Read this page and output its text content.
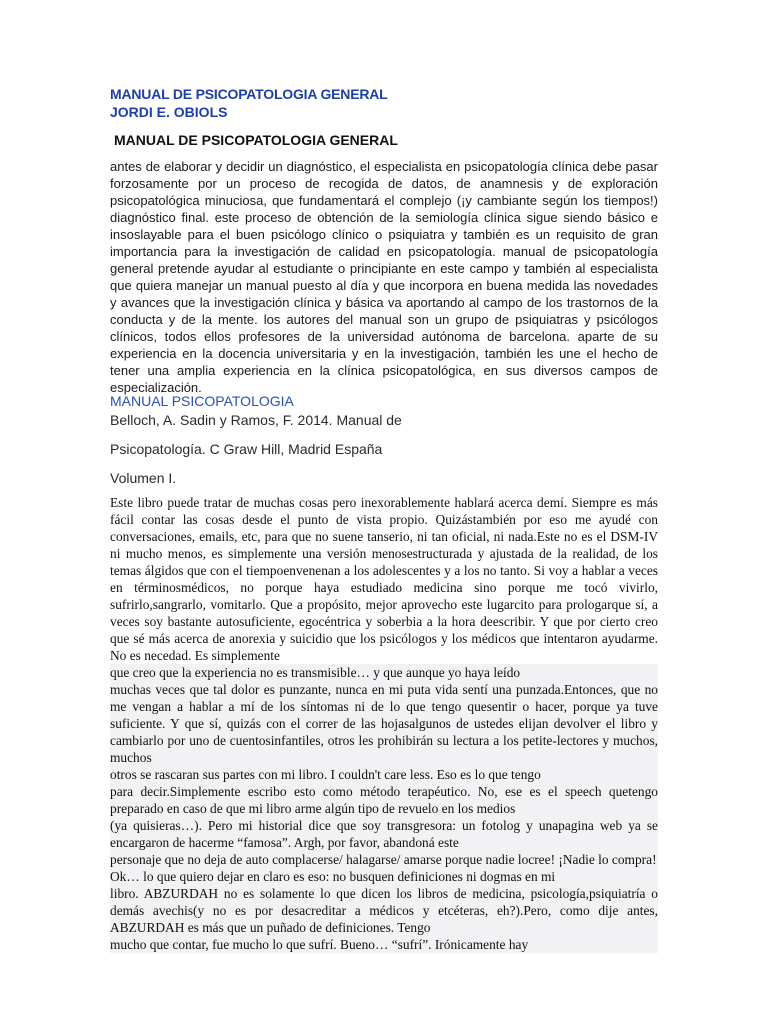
MANUAL DE PSICOPATOLOGIA GENERAL
JORDI E. OBIOLS
MANUAL DE PSICOPATOLOGIA GENERAL
antes de elaborar y decidir un diagnóstico, el especialista en psicopatología clínica debe pasar forzosamente por un proceso de recogida de datos, de anamnesis y de exploración psicopatológica minuciosa, que fundamentará el complejo (¡y cambiante según los tiempos!) diagnóstico final. este proceso de obtención de la semiología clínica sigue siendo básico e insoslayable para el buen psicólogo clínico o psiquiatra y también es un requisito de gran importancia para la investigación de calidad en psicopatología. manual de psicopatología general pretende ayudar al estudiante o principiante en este campo y también al especialista que quiera manejar un manual puesto al día y que incorpora en buena medida las novedades y avances que la investigación clínica y básica va aportando al campo de los trastornos de la conducta y de la mente. los autores del manual son un grupo de psiquiatras y psicólogos clínicos, todos ellos profesores de la universidad autónoma de barcelona. aparte de su experiencia en la docencia universitaria y en la investigación, también les une el hecho de tener una amplia experiencia en la clínica psicopatológica, en sus diversos campos de especialización.
MANUAL PSICOPATOLOGIA
Belloch, A. Sadin y Ramos, F. 2014. Manual de
Psicopatología. C Graw Hill, Madrid España
Volumen I.

Este libro puede tratar de muchas cosas pero inexorablemente hablará acerca demí. Siempre es más fácil contar las cosas desde el punto de vista propio. Quizástambién por eso me ayudé con conversaciones, emails, etc, para que no suene tanserio, ni tan oficial, ni nada.Este no es el DSM-IV ni mucho menos, es simplemente una versión menosestructurada y ajustada de la realidad, de los temas álgidos que con el tiempoenvenenan a los adolescentes y a los no tanto. Si voy a hablar a veces en términosmédicos, no porque haya estudiado medicina sino porque me tocó vivirlo, sufrirlo,sangrarlo, vomitarlo. Que a propósito, mejor aprovecho este lugarcito para prologarque sí, a veces soy bastante autosuficiente, egocéntrica y soberbia a la hora deescribir. Y que por cierto creo que sé más acerca de anorexia y suicidio que los psicólogos y los médicos que intentaron ayudarme. No es necedad. Es simplemente

que creo que la experiencia no es transmisible… y que aunque yo haya leído

muchas veces que tal dolor es punzante, nunca en mi puta vida sentí una punzada.Entonces, que no me vengan a hablar a mí de los síntomas ni de lo que tengo quesentir o hacer, porque ya tuve suficiente. Y que sí, quizás con el correr de las hojasalgunos de ustedes elijan devolver el libro y cambiarlo por uno de cuentosinfantiles, otros les prohibirán su lectura a los petite-lectores y muchos, muchos

otros se rascaran sus partes con mi libro. I couldn't care less. Eso es lo que tengo

para decir.Simplemente escribo esto como método terapéutico. No, ese es el speech quetengo preparado en caso de que mi libro arme algún tipo de revuelo en los medios

(ya quisieras…). Pero mi historial dice que soy transgresora: un fotolog y unapagina web ya se encargaron de hacerme “famosa”. Argh, por favor, abandoná este

personaje que no deja de auto complacerse/ halagarse/ amarse porque nadie locree! ¡Nadie lo compra!

Ok… lo que quiero dejar en claro es eso: no busquen definiciones ni dogmas en mi

libro. ABZURDAH no es solamente lo que dicen los libros de medicina, psicología,psiquiatría o demás avechis(y no es por desacreditar a médicos y etcéteras, eh?).Pero, como dije antes, ABZURDAH es más que un puñado de definiciones. Tengo

mucho que contar, fue mucho lo que sufrí. Bueno… “sufrí”. Irónicamente hay
